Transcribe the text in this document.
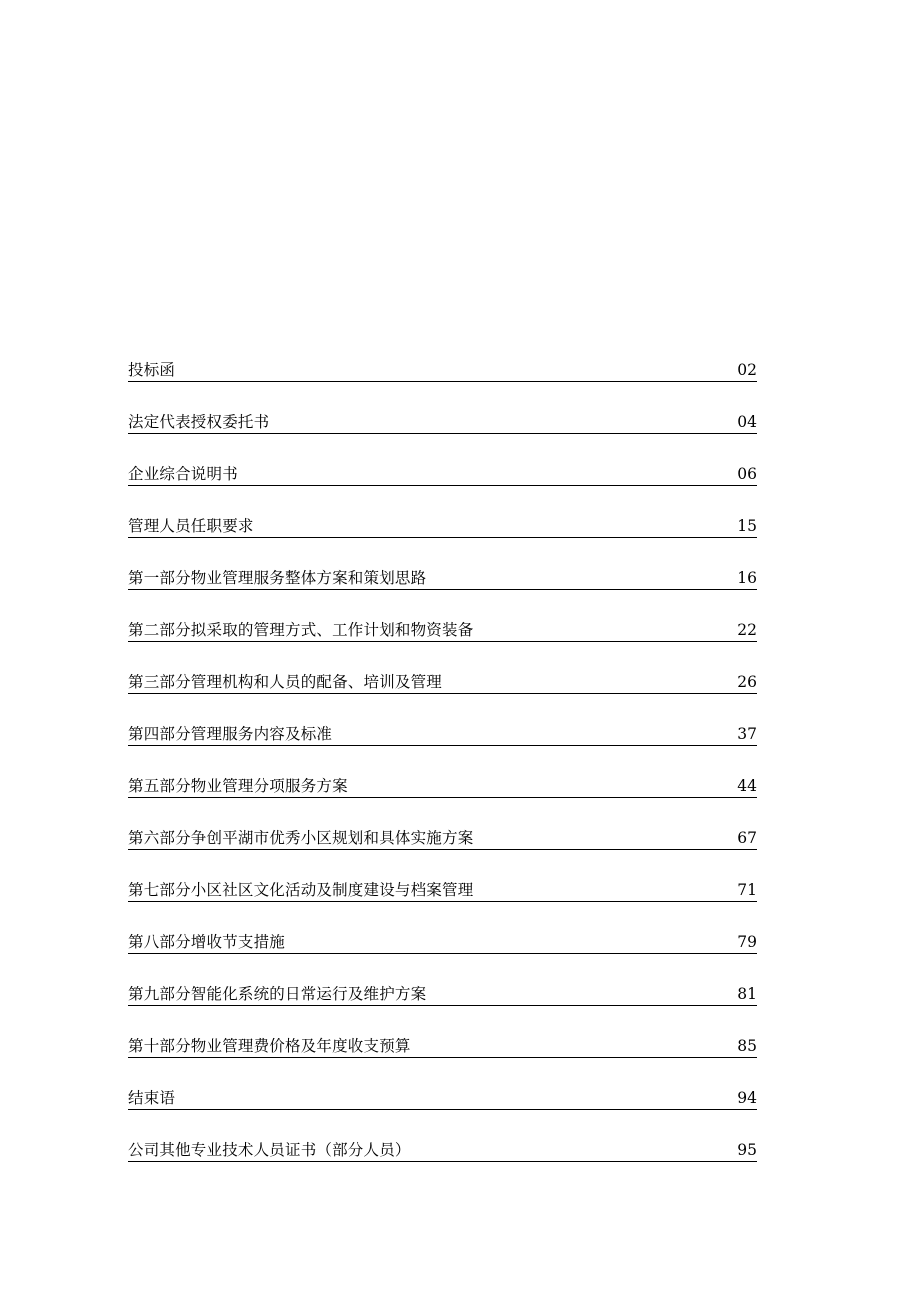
投标函	02
法定代表授权委托书	04
企业综合说明书	06
管理人员任职要求	15
第一部分物业管理服务整体方案和策划思路	16
第二部分拟采取的管理方式、工作计划和物资装备	22
第三部分管理机构和人员的配备、培训及管理	26
第四部分管理服务内容及标准	37
第五部分物业管理分项服务方案	44
第六部分争创平湖市优秀小区规划和具体实施方案	67
第七部分小区社区文化活动及制度建设与档案管理	71
第八部分增收节支措施	79
第九部分智能化系统的日常运行及维护方案	81
第十部分物业管理费价格及年度收支预算	85
结束语	94
公司其他专业技术人员证书（部分人员）	95
